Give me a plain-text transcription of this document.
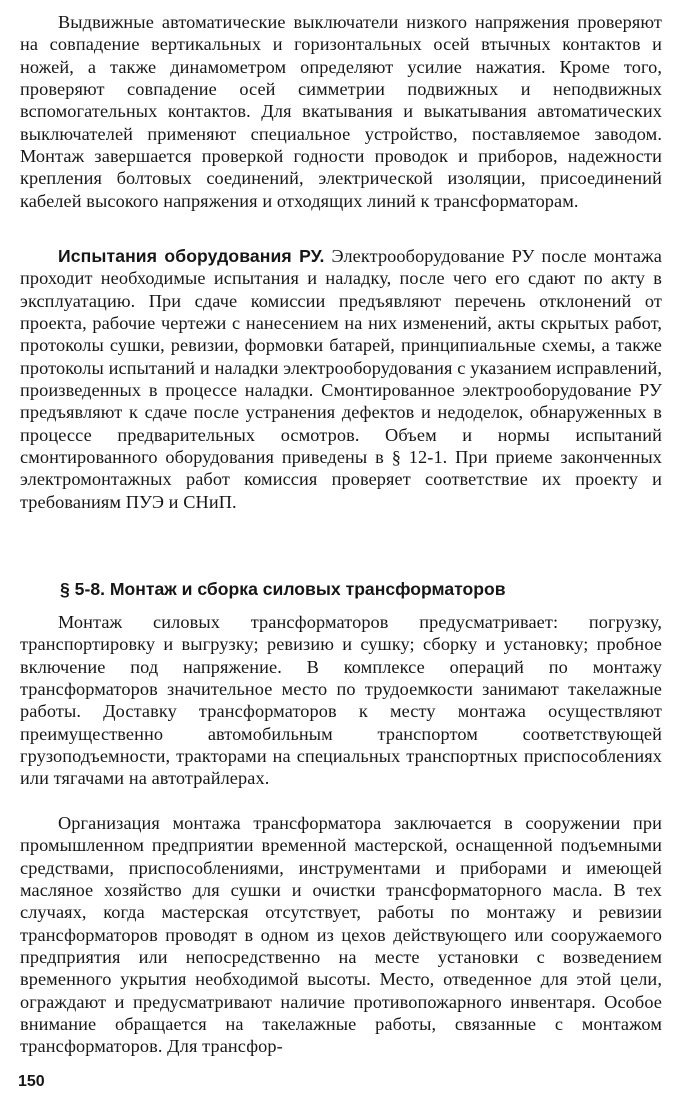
Выдвижные автоматические выключатели низкого напряжения проверяют на совпадение вертикальных и горизонтальных осей втычных контактов и ножей, а также динамометром определяют усилие нажатия. Кроме того, проверяют совпадение осей симметрии подвижных и неподвижных вспомогательных контактов. Для вкатывания и выкатывания автоматических выключателей применяют специальное устройство, поставляемое заводом. Монтаж завершается проверкой годности проводок и приборов, надежности крепления болтовых соединений, электрической изоляции, присоединений кабелей высокого напряжения и отходящих линий к трансформаторам.

Испытания оборудования РУ. Электрооборудование РУ после монтажа проходит необходимые испытания и наладку, после чего его сдают по акту в эксплуатацию. При сдаче комиссии предъявляют перечень отклонений от проекта, рабочие чертежи с нанесением на них изменений, акты скрытых работ, протоколы сушки, ревизии, формовки батарей, принципиальные схемы, а также протоколы испытаний и наладки электрооборудования с указанием исправлений, произведенных в процессе наладки. Смонтированное электрооборудование РУ предъявляют к сдаче после устранения дефектов и недоделок, обнаруженных в процессе предварительных осмотров. Объем и нормы испытаний смонтированного оборудования приведены в § 12-1. При приеме законченных электромонтажных работ комиссия проверяет соответствие их проекту и требованиям ПУЭ и СНиП.

§ 5-8. Монтаж и сборка силовых трансформаторов

Монтаж силовых трансформаторов предусматривает: погрузку, транспортировку и выгрузку; ревизию и сушку; сборку и установку; пробное включение под напряжение. В комплексе операций по монтажу трансформаторов значительное место по трудоемкости занимают такелажные работы. Доставку трансформаторов к месту монтажа осуществляют преимущественно автомобильным транспортом соответствующей грузоподъемности, тракторами на специальных транспортных приспособлениях или тягачами на автотрайлерах.

Организация монтажа трансформатора заключается в сооружении при промышленном предприятии временной мастерской, оснащенной подъемными средствами, приспособлениями, инструментами и приборами и имеющей масляное хозяйство для сушки и очистки трансформаторного масла. В тех случаях, когда мастерская отсутствует, работы по монтажу и ревизии трансформаторов проводят в одном из цехов действующего или сооружаемого предприятия или непосредственно на месте установки с возведением временного укрытия необходимой высоты. Место, отведенное для этой цели, ограждают и предусматривают наличие противопожарного инвентаря. Особое внимание обращается на такелажные работы, связанные с монтажом трансформаторов. Для трансфор-

150
